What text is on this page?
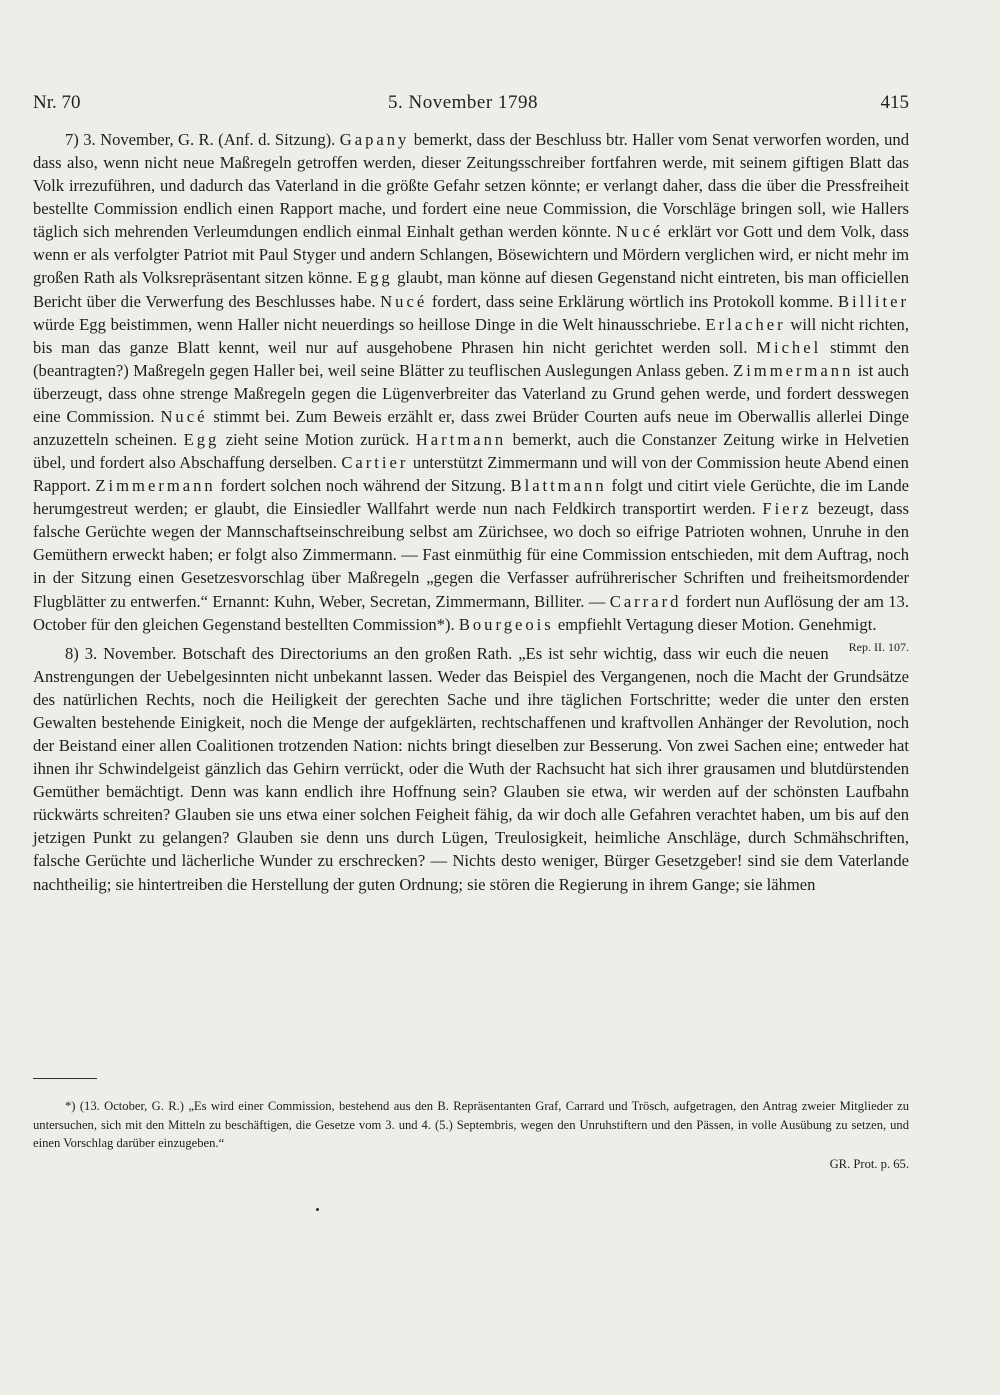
Nr. 70	5. November 1798	415

7) 3. November, G. R. (Anf. d. Sitzung). Gapany bemerkt, dass der Beschluss btr. Haller vom Senat verworfen worden, und dass also, wenn nicht neue Maßregeln getroffen werden, dieser Zeitungsschreiber fortfahren werde, mit seinem giftigen Blatt das Volk irrezuführen, und dadurch das Vaterland in die größte Gefahr setzen könnte; er verlangt daher, dass die über die Pressfreiheit bestellte Commission endlich einen Rapport mache, und fordert eine neue Commission, die Vorschläge bringen soll, wie Hallers täglich sich mehrenden Verleumdungen endlich einmal Einhalt gethan werden könnte. Nucé erklärt vor Gott und dem Volk, dass wenn er als verfolgter Patriot mit Paul Styger und andern Schlangen, Bösewichtern und Mördern verglichen wird, er nicht mehr im großen Rath als Volksrepräsentant sitzen könne. Egg glaubt, man könne auf diesen Gegenstand nicht eintreten, bis man officiellen Bericht über die Verwerfung des Beschlusses habe. Nucé fordert, dass seine Erklärung wörtlich ins Protokoll komme. Billiter würde Egg beistimmen, wenn Haller nicht neuerdings so heillose Dinge in die Welt hinausschriebe. Erlacher will nicht richten, bis man das ganze Blatt kennt, weil nur auf ausgehobene Phrasen hin nicht gerichtet werden soll. Michel stimmt den (beantragten?) Maßregeln gegen Haller bei, weil seine Blätter zu teuflischen Auslegungen Anlass geben. Zimmermann ist auch überzeugt, dass ohne strenge Maßregeln gegen die Lügenverbreiter das Vaterland zu Grund gehen werde, und fordert desswegen eine Commission. Nucé stimmt bei. Zum Beweis erzählt er, dass zwei Brüder Courten aufs neue im Oberwallis allerlei Dinge anzuzetteln scheinen. Egg zieht seine Motion zurück. Hartmann bemerkt, auch die Constanzer Zeitung wirke in Helvetien übel, und fordert also Abschaffung derselben. Cartier unterstützt Zimmermann und will von der Commission heute Abend einen Rapport. Zimmermann fordert solchen noch während der Sitzung. Blattmann folgt und citirt viele Gerüchte, die im Lande herumgestreut werden; er glaubt, die Einsiedler Wallfahrt werde nun nach Feldkirch transportirt werden. Fierz bezeugt, dass falsche Gerüchte wegen der Mannschaftseinschreibung selbst am Zürichsee, wo doch so eifrige Patrioten wohnen, Unruhe in den Gemüthern erweckt haben; er folgt also Zimmermann. — Fast einmüthig für eine Commission entschieden, mit dem Auftrag, noch in der Sitzung einen Gesetzesvorschlag über Maßregeln „gegen die Verfasser aufrührerischer Schriften und freiheitsmordender Flugblätter zu entwerfen.“ Ernannt: Kuhn, Weber, Secretan, Zimmermann, Billiter. — Carrard fordert nun Auflösung der am 13. October für den gleichen Gegenstand bestellten Commission*). Bourgeois empfiehlt Vertagung dieser Motion. Genehmigt.
Rep. II. 107.

8) 3. November. Botschaft des Directoriums an den großen Rath. „Es ist sehr wichtig, dass wir euch die neuen Anstrengungen der Uebelgesinnten nicht unbekannt lassen. Weder das Beispiel des Vergangenen, noch die Macht der Grundsätze des natürlichen Rechts, noch die Heiligkeit der gerechten Sache und ihre täglichen Fortschritte; weder die unter den ersten Gewalten bestehende Einigkeit, noch die Menge der aufgeklärten, rechtschaffenen und kraftvollen Anhänger der Revolution, noch der Beistand einer allen Coalitionen trotzenden Nation: nichts bringt dieselben zur Besserung. Von zwei Sachen eine; entweder hat ihnen ihr Schwindelgeist gänzlich das Gehirn verrückt, oder die Wuth der Rachsucht hat sich ihrer grausamen und blutdürstenden Gemüther bemächtigt. Denn was kann endlich ihre Hoffnung sein? Glauben sie etwa, wir werden auf der schönsten Laufbahn rückwärts schreiten? Glauben sie uns etwa einer solchen Feigheit fähig, da wir doch alle Gefahren verachtet haben, um bis auf den jetzigen Punkt zu gelangen? Glauben sie denn uns durch Lügen, Treulosigkeit, heimliche Anschläge, durch Schmähschriften, falsche Gerüchte und lächerliche Wunder zu erschrecken? — Nichts desto weniger, Bürger Gesetzgeber! sind sie dem Vaterlande nachtheilig; sie hintertreiben die Herstellung der guten Ordnung; sie stören die Regierung in ihrem Gange; sie lähmen

*) (13. October, G. R.) „Es wird einer Commission, bestehend aus den B. Repräsentanten Graf, Carrard und Trösch, aufgetragen, den Antrag zweier Mitglieder zu untersuchen, sich mit den Mitteln zu beschäftigen, die Gesetze vom 3. und 4. (5.) Septembris, wegen den Unruhstiftern und den Pässen, in volle Ausübung zu setzen, und einen Vorschlag darüber einzugeben.“
GR. Prot. p. 65.
